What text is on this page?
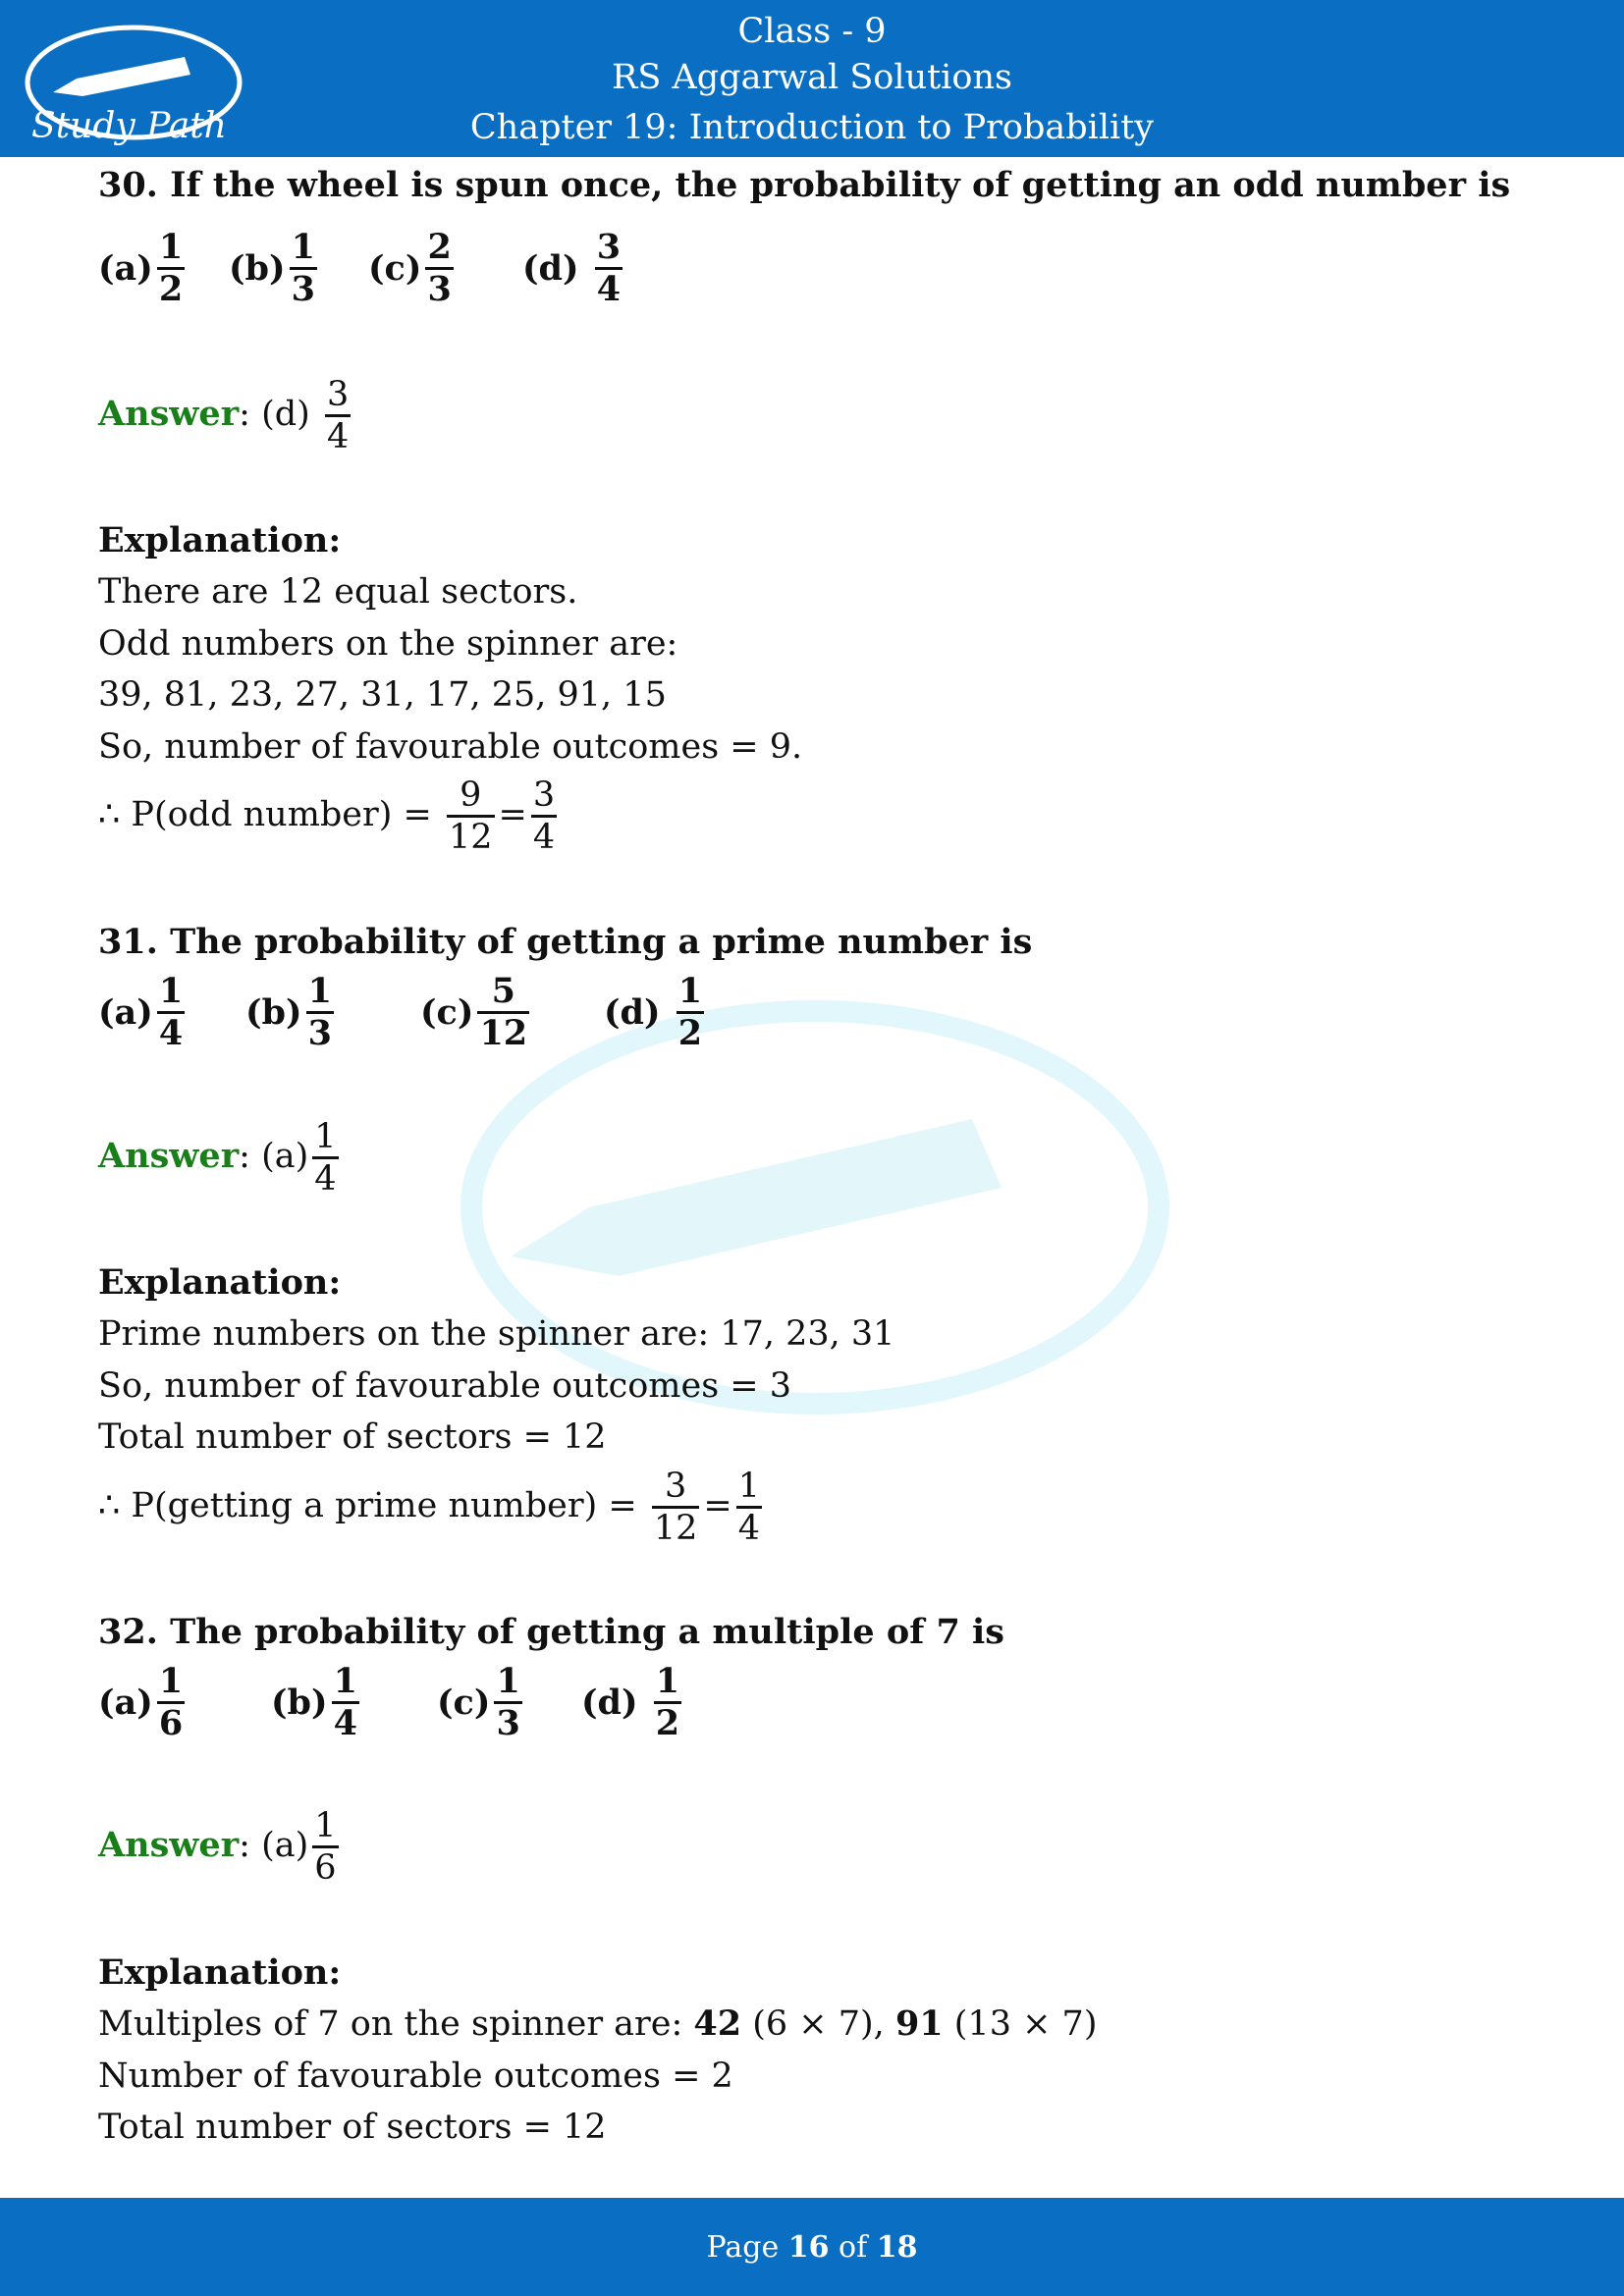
Study Path
Class - 9
RS Aggarwal Solutions
Chapter 19: Introduction to Probability
30. If the wheel is spun once, the probability of getting an odd number is
$(a) \frac{1}{2} (b) \frac{1}{3} (c) \frac{2}{3} (d) \frac{3}{4}$
Answer: $(d) \frac{3}{4}$
Explanation:
There are 12 equal sectors.
Odd numbers on the spinner are:
39, 81, 23, 27, 31, 17, 25, 91, 15
So, number of favourable outcomes = 9.
∴ P(odd number) = $\frac{9}{12} = \frac{3}{4}$
31. The probability of getting a prime number is
$(a) \frac{1}{4} (b) \frac{1}{3}$	$(c) \frac{5}{12} (d) \frac{1}{2}$
Answer: $(a) \frac{1}{4}$
Explanation:
Prime numbers on the spinner are: 17, 23, 31
So, number of favourable outcomes = 3
Total number of sectors = 12
∴ P(getting a prime number) = $\frac{3}{12} = \frac{1}{4}$
32. The probability of getting a multiple of 7 is
$(a) \frac{1}{6}$	$(b) \frac{1}{4} (c) \frac{1}{3} (d) \frac{1}{2}$
Answer: $(a) \frac{1}{6}$
Explanation:
Multiples of 7 on the spinner are: 42 (6 × 7), 91 (13 × 7)
Number of favourable outcomes = 2
Total number of sectors = 12
Page 16 of 18
